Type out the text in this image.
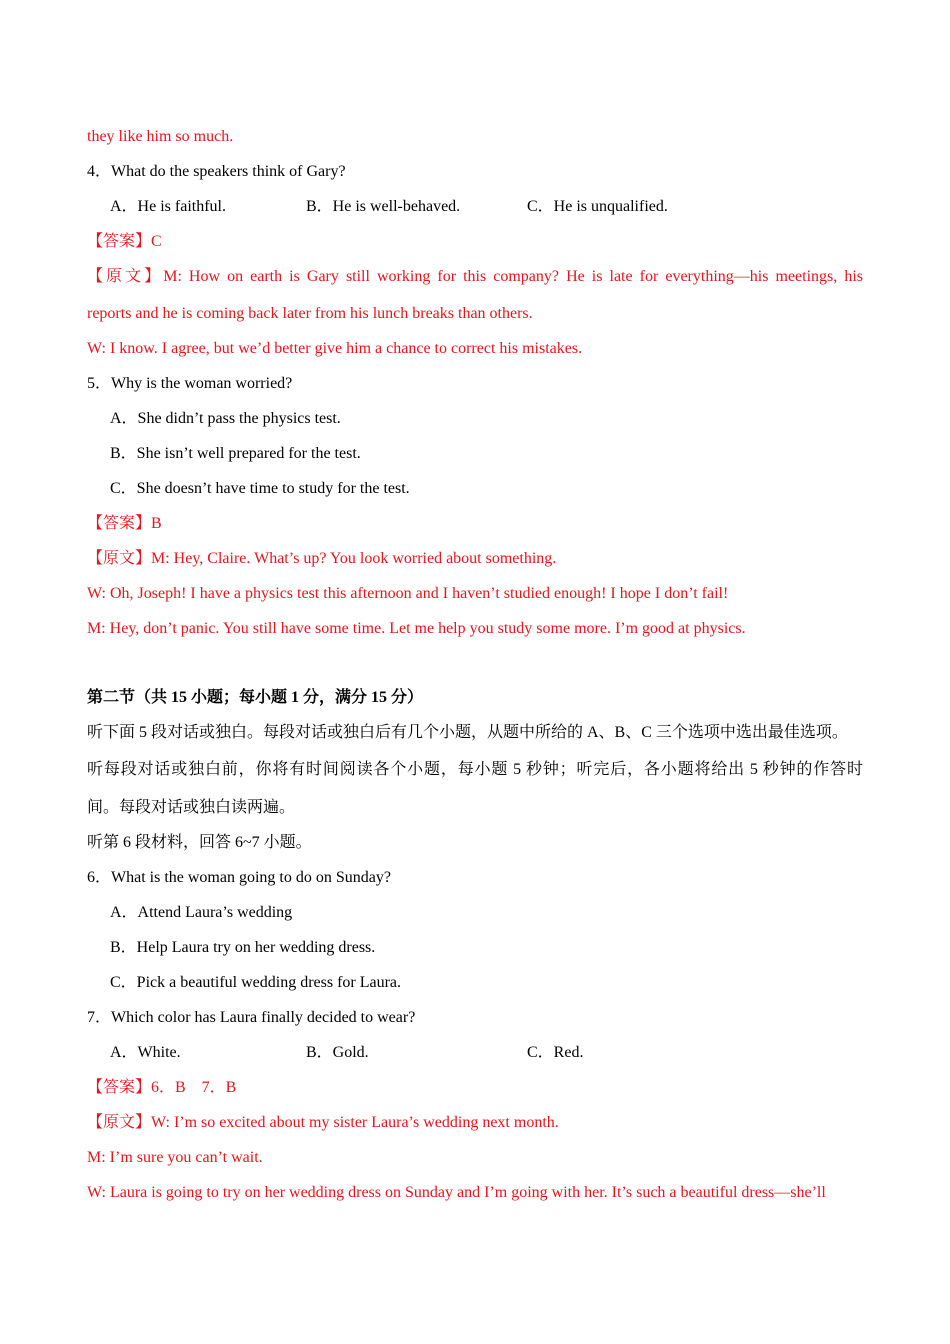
they like him so much.
4．What do the speakers think of Gary?
A．He is faithful.	B．He is well-behaved.	C．He is unqualified.
【答案】C
【原文】M: How on earth is Gary still working for this company? He is late for everything—his meetings, his
reports and he is coming back later from his lunch breaks than others.
W: I know. I agree, but we’d better give him a chance to correct his mistakes.
5．Why is the woman worried?
A．She didn’t pass the physics test.
B．She isn’t well prepared for the test.
C．She doesn’t have time to study for the test.
【答案】B
【原文】M: Hey, Claire. What’s up? You look worried about something.
W: Oh, Joseph! I have a physics test this afternoon and I haven’t studied enough! I hope I don’t fail!
M: Hey, don’t panic. You still have some time. Let me help you study some more. I’m good at physics.
第二节（共 15 小题；每小题 1 分，满分 15 分）
听下面 5 段对话或独白。每段对话或独白后有几个小题，从题中所给的 A、B、C 三个选项中选出最佳选项。
听每段对话或独白前，你将有时间阅读各个小题，每小题 5 秒钟；听完后，各小题将给出 5 秒钟的作答时
间。每段对话或独白读两遍。
听第 6 段材料，回答 6~7 小题。
6．What is the woman going to do on Sunday?
A．Attend Laura’s wedding
B．Help Laura try on her wedding dress.
C．Pick a beautiful wedding dress for Laura.
7．Which color has Laura finally decided to wear?
A．White.	B．Gold.	C．Red.
【答案】6．B　7．B
【原文】W: I’m so excited about my sister Laura’s wedding next month.
M: I’m sure you can’t wait.
W: Laura is going to try on her wedding dress on Sunday and I’m going with her. It’s such a beautiful dress—she’ll
